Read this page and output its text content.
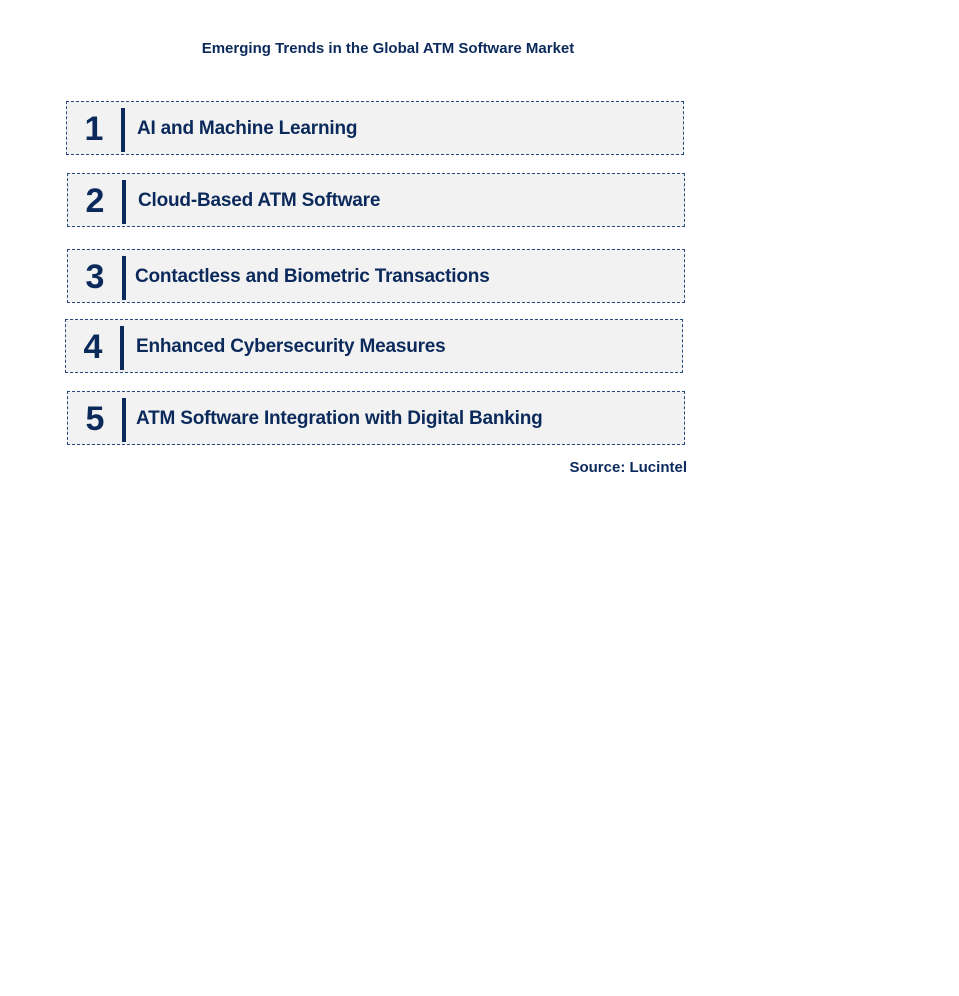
Emerging Trends in the Global ATM Software Market
1	AI and Machine Learning
2	Cloud-Based ATM Software
3	Contactless and Biometric Transactions
4	Enhanced Cybersecurity Measures
5	ATM Software Integration with Digital Banking
Source: Lucintel
